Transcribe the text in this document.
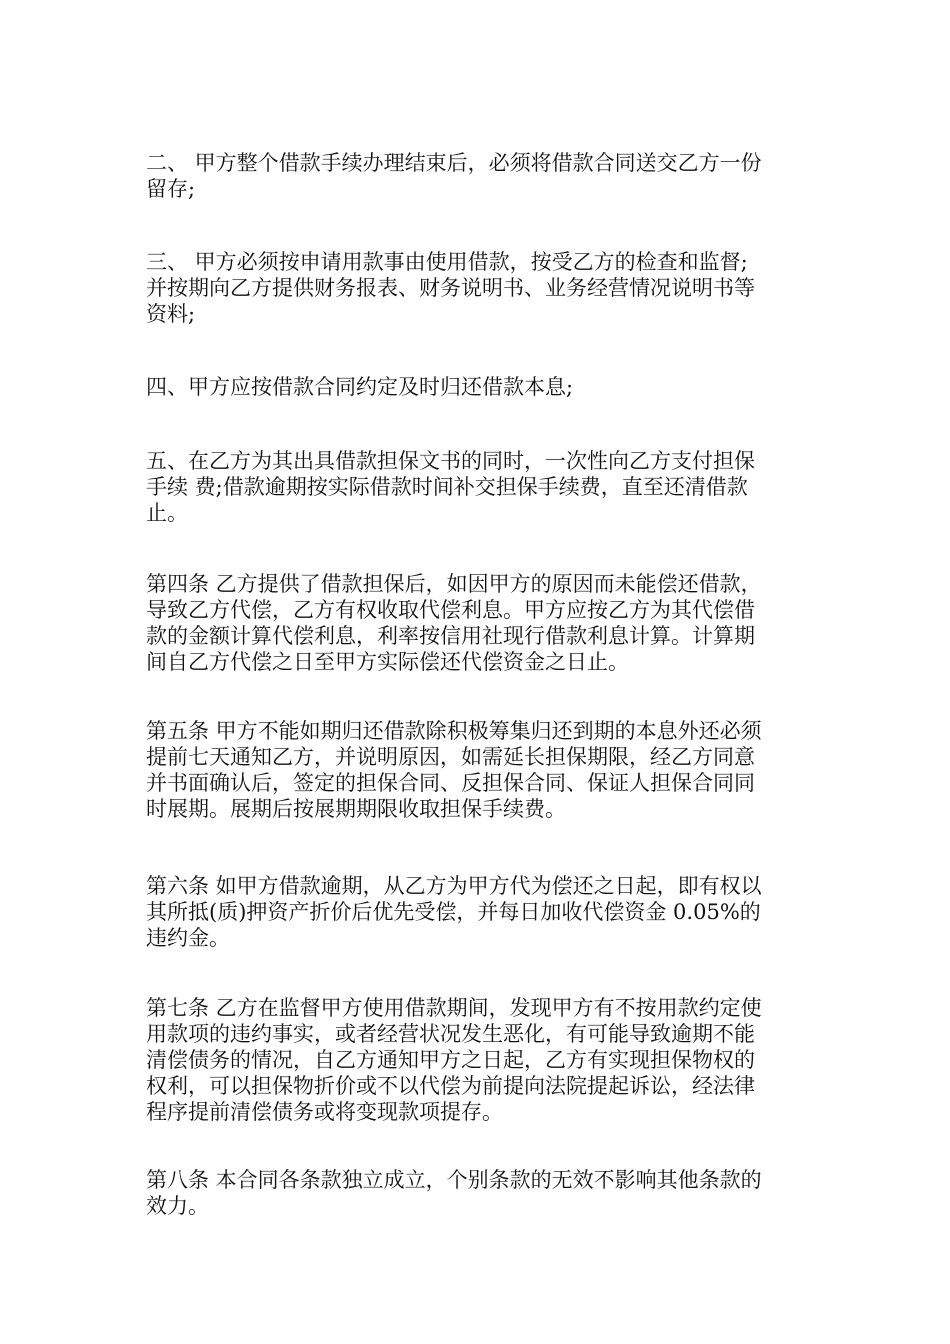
二、 甲方整个借款手续办理结束后，必须将借款合同送交乙方一份
留存;

三、 甲方必须按申请用款事由使用借款，按受乙方的检查和监督;
并按期向乙方提供财务报表、财务说明书、业务经营情况说明书等
资料;

四、甲方应按借款合同约定及时归还借款本息;

五、在乙方为其出具借款担保文书的同时，一次性向乙方支付担保
手续 费;借款逾期按实际借款时间补交担保手续费，直至还清借款
止。

第四条 乙方提供了借款担保后，如因甲方的原因而未能偿还借款，
导致乙方代偿，乙方有权收取代偿利息。甲方应按乙方为其代偿借
款的金额计算代偿利息，利率按信用社现行借款利息计算。计算期
间自乙方代偿之日至甲方实际偿还代偿资金之日止。

第五条 甲方不能如期归还借款除积极筹集归还到期的本息外还必须
提前七天通知乙方，并说明原因，如需延长担保期限，经乙方同意
并书面确认后，签定的担保合同、反担保合同、保证人担保合同同
时展期。展期后按展期期限收取担保手续费。

第六条 如甲方借款逾期，从乙方为甲方代为偿还之日起，即有权以
其所抵(质)押资产折价后优先受偿，并每日加收代偿资金 0.05%的
违约金。

第七条 乙方在监督甲方使用借款期间，发现甲方有不按用款约定使
用款项的违约事实，或者经营状况发生恶化，有可能导致逾期不能
清偿债务的情况，自乙方通知甲方之日起，乙方有实现担保物权的
权利，可以担保物折价或不以代偿为前提向法院提起诉讼，经法律
程序提前清偿债务或将变现款项提存。

第八条 本合同各条款独立成立，个别条款的无效不影响其他条款的
效力。
